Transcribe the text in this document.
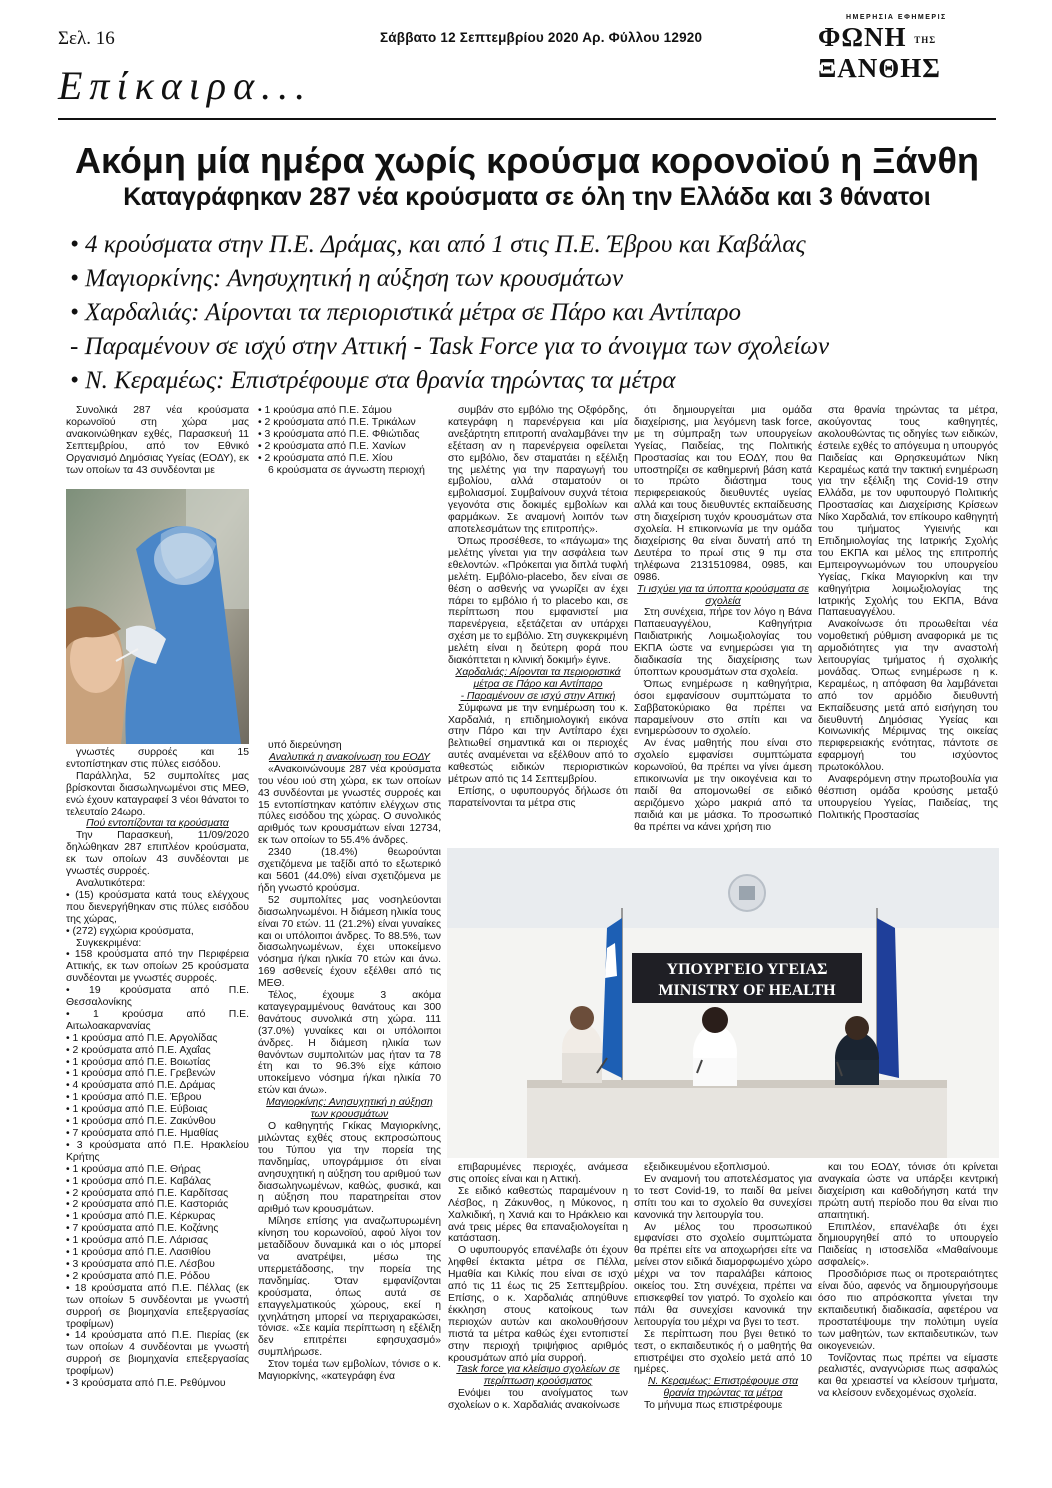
Σελ. 16	Σάββατο 12 Σεπτεμβρίου 2020 Αρ. Φύλλου 12920
ΗΜΕΡΗΣΙΑ ΕΦΗΜΕΡΙΣ
ΦΩΝΗ ΤΗΣ ΞΑΝΘΗΣ
Επίκαιρα...
Ακόμη μία ημέρα χωρίς κρούσμα κορονοϊού η Ξάνθη
Καταγράφηκαν 287 νέα κρούσματα σε όλη την Ελλάδα και 3 θάνατοι
• 4 κρούσματα στην Π.Ε. Δράμας, και από 1 στις Π.Ε. Έβρου και Καβάλας
• Μαγιορκίνης: Ανησυχητική η αύξηση των κρουσμάτων
• Χαρδαλιάς: Αίρονται τα περιοριστικά μέτρα σε Πάρο και Αντίπαρο
- Παραμένουν σε ισχύ στην Αττική - Task Force για το άνοιγμα των σχολείων
• Ν. Κεραμέως: Επιστρέφουμε στα θρανία τηρώντας τα μέτρα

Συνολικά 287 νέα κρούσματα κορωνοϊού στη χώρα μας ανακοινώθηκαν εχθές, Παρασκευή 11 Σεπτεμβρίου, από τον Εθνικό Οργανισμό Δημόσιας Υγείας (ΕΟΔΥ), εκ των οποίων τα 43 συνδέονται με

γνωστές συρροές και 15 εντοπίστηκαν στις πύλες εισόδου.

Παράλληλα, 52 συμπολίτες μας βρίσκονται διασωληνωμένοι στις ΜΕΘ, ενώ έχουν καταγραφεί 3 νέοι θάνατοι το τελευταίο 24ωρο.

Πού εντοπίζονται τα κρούσματα

Την Παρασκευή, 11/09/2020 δηλώθηκαν 287 επιπλέον κρούσματα, εκ των οποίων 43 συνδέονται με γνωστές συρροές.

Αναλυτικότερα:

• (15) κρούσματα κατά τους ελέγχους που διενεργήθηκαν στις πύλες εισόδου της χώρας,

• (272) εγχώρια κρούσματα,

Συγκεκριμένα:

• 158 κρούσματα από την Περιφέρεια Αττικής, εκ των οποίων 25 κρούσματα συνδέονται με γνωστές συρροές.

• 19 κρούσματα από Π.Ε. Θεσσαλονίκης

• 1 κρούσμα από Π.Ε. Αιτωλοακαρνανίας

• 1 κρούσμα από Π.Ε. Αργολίδας

• 2 κρούσματα από Π.Ε. Αχαΐας

• 1 κρούσμα από Π.Ε. Βοιωτίας

• 1 κρούσμα από Π.Ε. Γρεβενών

• 4 κρούσματα από Π.Ε. Δράμας

• 1 κρούσμα από Π.Ε. Έβρου

• 1 κρούσμα από Π.Ε. Εύβοιας

• 1 κρούσμα από Π.Ε. Ζακύνθου

• 7 κρούσματα από Π.Ε. Ημαθίας

• 3 κρούσματα από Π.Ε. Ηρακλείου Κρήτης

• 1 κρούσμα από Π.Ε. Θήρας

• 1 κρούσμα από Π.Ε. Καβάλας

• 2 κρούσματα από Π.Ε. Καρδίτσας

• 2 κρούσματα από Π.Ε. Καστοριάς

• 1 κρούσμα από Π.Ε. Κέρκυρας

• 7 κρούσματα από Π.Ε. Κοζάνης

• 1 κρούσμα από Π.Ε. Λάρισας

• 1 κρούσμα από Π.Ε. Λασιθίου

• 3 κρούσματα από Π.Ε. Λέσβου

• 2 κρούσματα από Π.Ε. Ρόδου

• 18 κρούσματα από Π.Ε. Πέλλας (εκ των οποίων 5 συνδέονται με γνωστή συρροή σε βιομηχανία επεξεργασίας τροφίμων)

• 14 κρούσματα από Π.Ε. Πιερίας (εκ των οποίων 4 συνδέονται με γνωστή συρροή σε βιομηχανία επεξεργασίας τροφίμων)

• 3 κρούσματα από Π.Ε. Ρεθύμνου

• 1 κρούσμα από Π.Ε. Σάμου

• 2 κρούσματα από Π.Ε. Τρικάλων

• 3 κρούσματα από Π.Ε. Φθιώτιδας

• 2 κρούσματα από Π.Ε. Χανίων

• 2 κρούσματα από Π.Ε. Χίου

6 κρούσματα σε άγνωστη περιοχή

υπό διερεύνηση

Αναλυτικά η ανακοίνωση του ΕΟΔΥ

«Ανακοινώνουμε 287 νέα κρούσματα του νέου ιού στη χώρα, εκ των οποίων 43 συνδέονται με γνωστές συρροές και 15 εντοπίστηκαν κατόπιν ελέγχων στις πύλες εισόδου της χώρας. Ο συνολικός αριθμός των κρουσμάτων είναι 12734, εκ των οποίων το 55.4% άνδρες.

2340 (18.4%) θεωρούνται σχετιζόμενα με ταξίδι από το εξωτερικό και 5601 (44.0%) είναι σχετιζόμενα με ήδη γνωστό κρούσμα.

52 συμπολίτες μας νοσηλεύονται διασωληνωμένοι. Η διάμεση ηλικία τους είναι 70 ετών. 11 (21.2%) είναι γυναίκες και οι υπόλοιποι άνδρες. Το 88.5%, των διασωληνωμένων, έχει υποκείμενο νόσημα ή/και ηλικία 70 ετών και άνω. 169 ασθενείς έχουν εξέλθει από τις ΜΕΘ.

Τέλος, έχουμε 3 ακόμα καταγεγραμμένους θανάτους και 300 θανάτους συνολικά στη χώρα. 111 (37.0%) γυναίκες και οι υπόλοιποι άνδρες. Η διάμεση ηλικία των θανόντων συμπολιτών μας ήταν τα 78 έτη και το 96.3% είχε κάποιο υποκείμενο νόσημα ή/και ηλικία 70 ετών και άνω».

Μαγιορκίνης: Ανησυχητική η αύξηση των κρουσμάτων

Ο καθηγητής Γκίκας Μαγιορκίνης, μιλώντας εχθές στους εκπροσώπους του Τύπου για την πορεία της πανδημίας, υπογράμμισε ότι είναι ανησυχητική η αύξηση του αριθμού των διασωληνωμένων, καθώς, φυσικά, και η αύξηση που παρατηρείται στον αριθμό των κρουσμάτων.

Μίλησε επίσης για αναζωπυρωμένη κίνηση του κορωνοϊού, αφού λίγοι τον μεταδίδουν δυναμικά και ο ιός μπορεί να ανατρέψει, μέσω της υπερμετάδοσης, την πορεία της πανδημίας. Όταν εμφανίζονται κρούσματα, όπως αυτά σε επαγγελματικούς χώρους, εκεί η ιχνηλάτηση μπορεί να περιχαρακώσει, τόνισε. «Σε καμία περίπτωση η εξέλιξη δεν επιτρέπει εφησυχασμό» συμπλήρωσε.

Στον τομέα των εμβολίων, τόνισε ο κ. Μαγιορκίνης, «κατεγράφη ένα

συμβάν στο εμβόλιο της Οξφόρδης, κατεγράφη η παρενέργεια και μία ανεξάρτητη επιτροπή αναλαμβάνει την εξέταση αν η παρενέργεια οφείλεται στο εμβόλιο, δεν σταματάει η εξέλιξη της μελέτης για την παραγωγή του εμβολίου, αλλά σταματούν οι εμβολιασμοί. Συμβαίνουν συχνά τέτοια γεγονότα στις δοκιμές εμβολίων και φαρμάκων. Σε αναμονή λοιπόν των αποτελεσμάτων της επιτροπής».

Όπως προσέθεσε, το «πάγωμα» της μελέτης γίνεται για την ασφάλεια των εθελοντών. «Πρόκειται για διπλά τυφλή μελέτη. Εμβόλιο-placebo, δεν είναι σε θέση ο ασθενής να γνωρίζει αν έχει πάρει το εμβόλιο ή το placebo και, σε περίπτωση που εμφανιστεί μια παρενέργεια, εξετάζεται αν υπάρχει σχέση με το εμβόλιο. Στη συγκεκριμένη μελέτη είναι η δεύτερη φορά που διακόπτεται η κλινική δοκιμή» έγινε.

Χαρδαλιάς: Αίρονται τα περιοριστικά μέτρα σε Πάρο και Αντίπαρο

- Παραμένουν σε ισχύ στην Αττική

Σύμφωνα με την ενημέρωση του κ. Χαρδαλιά, η επιδημιολογική εικόνα στην Πάρο και την Αντίπαρο έχει βελτιωθεί σημαντικά και οι περιοχές αυτές αναμένεται να εξέλθουν από το καθεστώς ειδικών περιοριστικών μέτρων από τις 14 Σεπτεμβρίου.

Επίσης, ο υφυπουργός δήλωσε ότι παρατείνονται τα μέτρα στις

επιβαρυμένες περιοχές, ανάμεσα στις οποίες είναι και η Αττική.

Σε ειδικό καθεστώς παραμένουν η Λέσβος, η Ζάκυνθος, η Μύκονος, η Χαλκιδική, η Χανιά και το Ηράκλειο και ανά τρεις μέρες θα επαναξιολογείται η κατάσταση.

Ο υφυπουργός επανέλαβε ότι έχουν ληφθεί έκτακτα μέτρα σε Πέλλα, Ημαθία και Κιλκίς που είναι σε ισχύ από τις 11 έως τις 25 Σεπτεμβρίου. Επίσης, ο κ. Χαρδαλιάς απηύθυνε έκκληση στους κατοίκους των περιοχών αυτών και ακολουθήσουν πιστά τα μέτρα καθώς έχει εντοπιστεί στην περιοχή τριψήφιος αριθμός κρουσμάτων από μία συρροή.

Task force για κλείσιμο σχολείων σε περίπτωση κρούσματος

Ενόψει του ανοίγματος των σχολείων ο κ. Χαρδαλιάς ανακοίνωσε

ότι δημιουργείται μια ομάδα διαχείρισης, μια λεγόμενη task force, με τη σύμπραξη των υπουργείων Υγείας, Παιδείας, της Πολιτικής Προστασίας και του ΕΟΔΥ, που θα υποστηρίζει σε καθημερινή βάση κατά το πρώτο διάστημα τους περιφερειακούς διευθυντές υγείας αλλά και τους διευθυντές εκπαίδευσης στη διαχείριση τυχόν κρουσμάτων στα σχολεία. Η επικοινωνία με την ομάδα διαχείρισης θα είναι δυνατή από τη Δευτέρα το πρωί στις 9 πμ στα τηλέφωνα 2131510984, 0985, και 0986.

Τι ισχύει για τα ύποπτα κρούσματα σε σχολεία

Στη συνέχεια, πήρε τον λόγο η Βάνα Παπαευαγγέλου, Καθηγήτρια Παιδιατρικής Λοιμωξιολογίας του ΕΚΠΑ ώστε να ενημερώσει για τη διαδικασία της διαχείρισης των ύποπτων κρουσμάτων στα σχολεία.

Όπως ενημέρωσε η καθηγήτρια, όσοι εμφανίσουν συμπτώματα το Σαββατοκύριακο θα πρέπει να παραμείνουν στο σπίτι και να ενημερώσουν το σχολείο.

Αν ένας μαθητής που είναι στο σχολείο εμφανίσει συμπτώματα κορωνοϊού, θα πρέπει να γίνει άμεση επικοινωνία με την οικογένεια και το παιδί θα απομονωθεί σε ειδικό αεριζόμενο χώρο μακριά από τα παιδιά και με μάσκα. Το προσωπικό θα πρέπει να κάνει χρήση πιο

εξειδικευμένου εξοπλισμού.

Εν αναμονή του αποτελέσματος για το τεστ Covid-19, το παιδί θα μείνει σπίτι του και το σχολείο θα συνεχίσει κανονικά την λειτουργία του.

Αν μέλος του προσωπικού εμφανίσει στο σχολείο συμπτώματα θα πρέπει είτε να αποχωρήσει είτε να μείνει στον ειδικά διαμορφωμένο χώρο μέχρι να τον παραλάβει κάποιος οικείος του. Στη συνέχεια, πρέπει να επισκεφθεί τον γιατρό. Το σχολείο και πάλι θα συνεχίσει κανονικά την λειτουργία του μέχρι να βγει το τεστ.

Σε περίπτωση που βγει θετικό το τεστ, ο εκπαιδευτικός ή ο μαθητής θα επιστρέψει στο σχολείο μετά από 10 ημέρες.

Ν. Κεραμέως: Επιστρέφουμε στα θρανία τηρώντας τα μέτρα

Το μήνυμα πως επιστρέφουμε

στα θρανία τηρώντας τα μέτρα, ακούγοντας τους καθηγητές, ακολουθώντας τις οδηγίες των ειδικών, έστειλε εχθές το απόγευμα η υπουργός Παιδείας και Θρησκευμάτων Νίκη Κεραμέως κατά την τακτική ενημέρωση για την εξέλιξη της Covid-19 στην Ελλάδα, με τον υφυπουργό Πολιτικής Προστασίας και Διαχείρισης Κρίσεων Νίκο Χαρδαλιά, τον επίκουρο καθηγητή του τμήματος Υγιεινής και Επιδημιολογίας της Ιατρικής Σχολής του ΕΚΠΑ και μέλος της επιτροπής Εμπειρογνωμόνων του υπουργείου Υγείας, Γκίκα Μαγιορκίνη και την καθηγήτρια λοιμωξιολογίας της Ιατρικής Σχολής του ΕΚΠΑ, Βάνα Παπαευαγγέλου.

Ανακοίνωσε ότι προωθείται νέα νομοθετική ρύθμιση αναφορικά με τις αρμοδιότητες για την αναστολή λειτουργίας τμήματος ή σχολικής μονάδας. Όπως ενημέρωσε η κ. Κεραμέως, η απόφαση θα λαμβάνεται από τον αρμόδιο διευθυντή Εκπαίδευσης μετά από εισήγηση του διευθυντή Δημόσιας Υγείας και Κοινωνικής Μέριμνας της οικείας περιφερειακής ενότητας, πάντοτε σε εφαρμογή του ισχύοντος πρωτοκόλλου.

Αναφερόμενη στην πρωτοβουλία για θέσπιση ομάδα κρούσης μεταξύ υπουργείου Υγείας, Παιδείας, της Πολιτικής Προστασίας

και του ΕΟΔΥ, τόνισε ότι κρίνεται αναγκαία ώστε να υπάρξει κεντρική διαχείριση και καθοδήγηση κατά την πρώτη αυτή περίοδο που θα είναι πιο απαιτητική.

Επιπλέον, επανέλαβε ότι έχει δημιουργηθεί από το υπουργείο Παιδείας η ιστοσελίδα «Μαθαίνουμε ασφαλείς».

Προσδιόρισε πως οι προτεραιότητες είναι δύο, αφενός να δημιουργήσουμε όσο πιο απρόσκοπτα γίνεται την εκπαιδευτική διαδικασία, αφετέρου να προστατέψουμε την πολύτιμη υγεία των μαθητών, των εκπαιδευτικών, των οικογενειών.

Τονίζοντας πως πρέπει να είμαστε ρεαλιστές, αναγνώρισε πως ασφαλώς και θα χρειαστεί να κλείσουν τμήματα, να κλείσουν ενδεχομένως σχολεία.

ΥΠΟΥΡΓΕΙΟ ΥΓΕΙΑΣ
MINISTRY OF HEALTH
